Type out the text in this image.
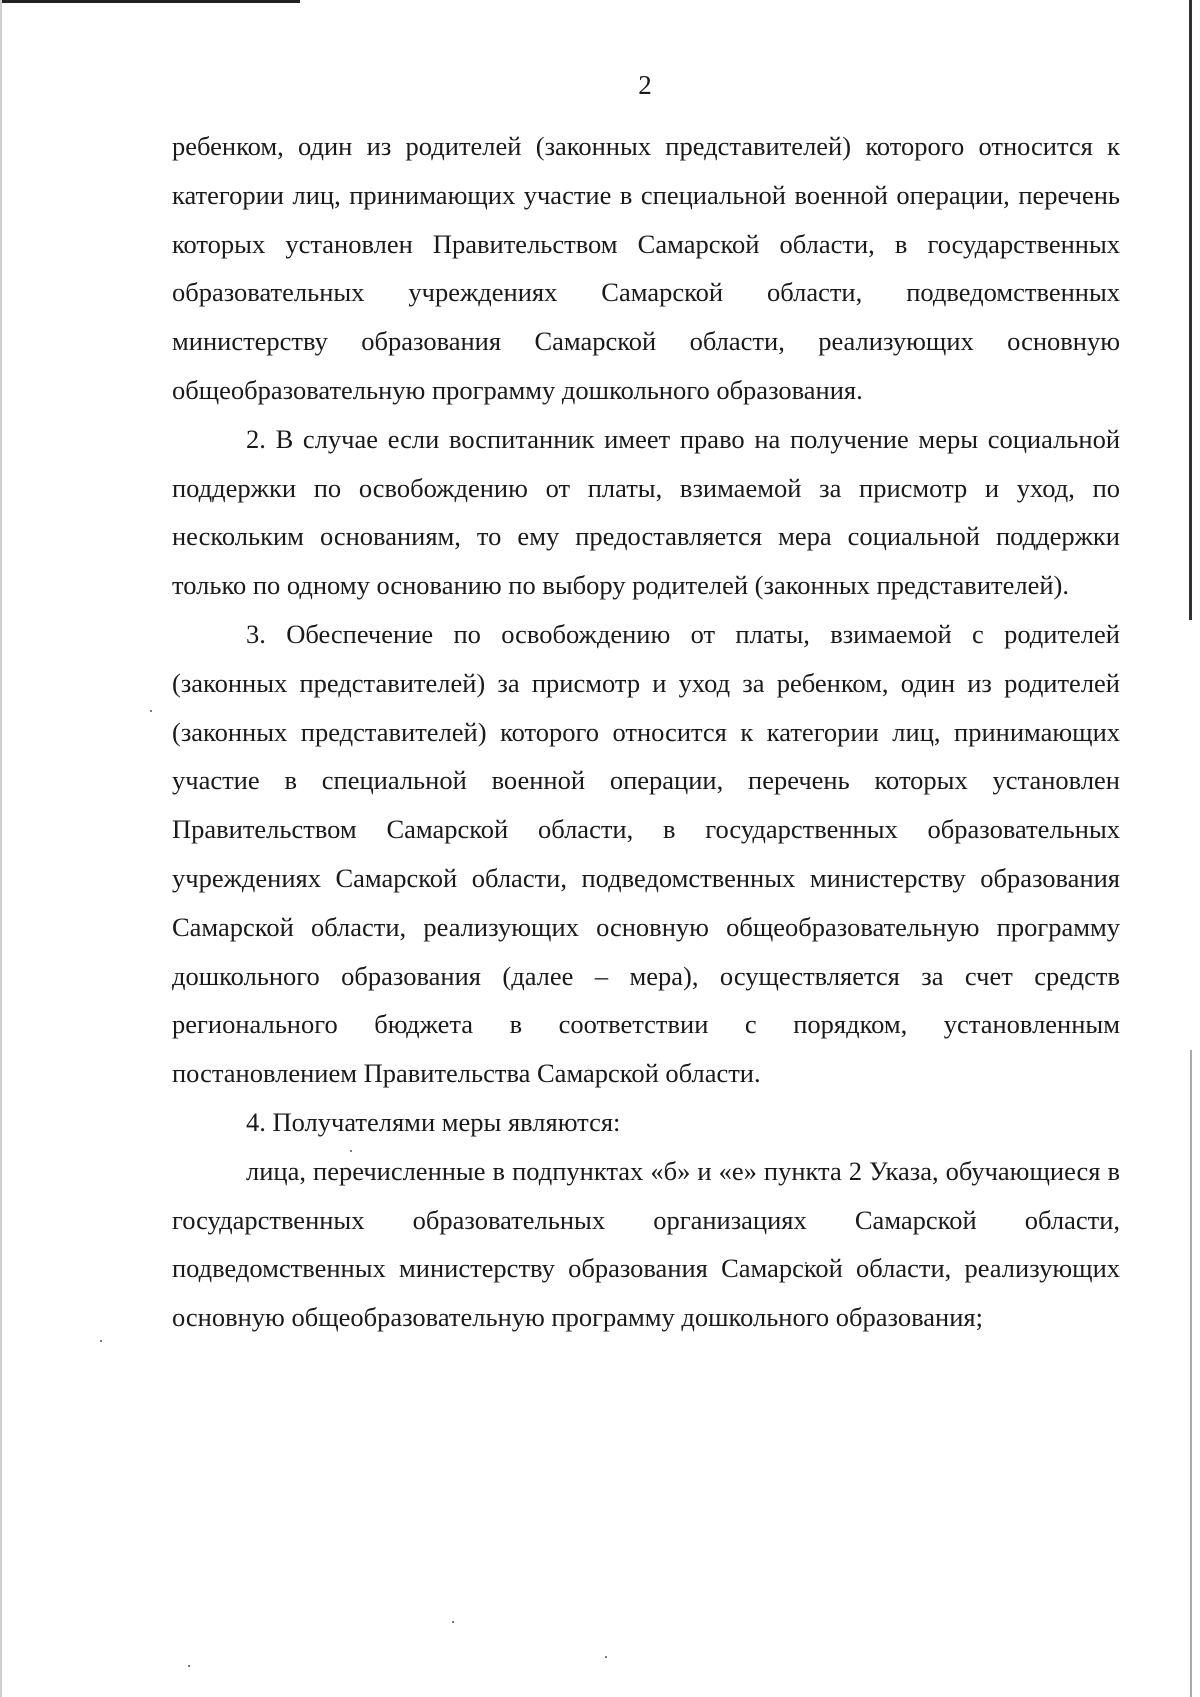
2

ребенком, один из родителей (законных представителей) которого относится к категории лиц, принимающих участие в специальной военной операции, перечень которых установлен Правительством Самарской области, в государственных образовательных учреждениях Самарской области, подведомственных министерству образования Самарской области, реализующих основную общеобразовательную программу дошкольного образования.

2. В случае если воспитанник имеет право на получение меры социальной поддержки по освобождению от платы, взимаемой за присмотр и уход, по нескольким основаниям, то ему предоставляется мера социальной поддержки только по одному основанию по выбору родителей (законных представителей).

3. Обеспечение по освобождению от платы, взимаемой с родителей (законных представителей) за присмотр и уход за ребенком, один из родителей (законных представителей) которого относится к категории лиц, принимающих участие в специальной военной операции, перечень которых установлен Правительством Самарской области, в государственных образовательных учреждениях Самарской области, подведомственных министерству образования Самарской области, реализующих основную общеобразовательную программу дошкольного образования (далее – мера), осуществляется за счет средств регионального бюджета в соответствии с порядком, установленным постановлением Правительства Самарской области.

4. Получателями меры являются:

лица, перечисленные в подпунктах «б» и «е» пункта 2 Указа, обучающиеся в государственных образовательных организациях Самарской области, подведомственных министерству образования Самарской области, реализующих основную общеобразовательную программу дошкольного образования;
